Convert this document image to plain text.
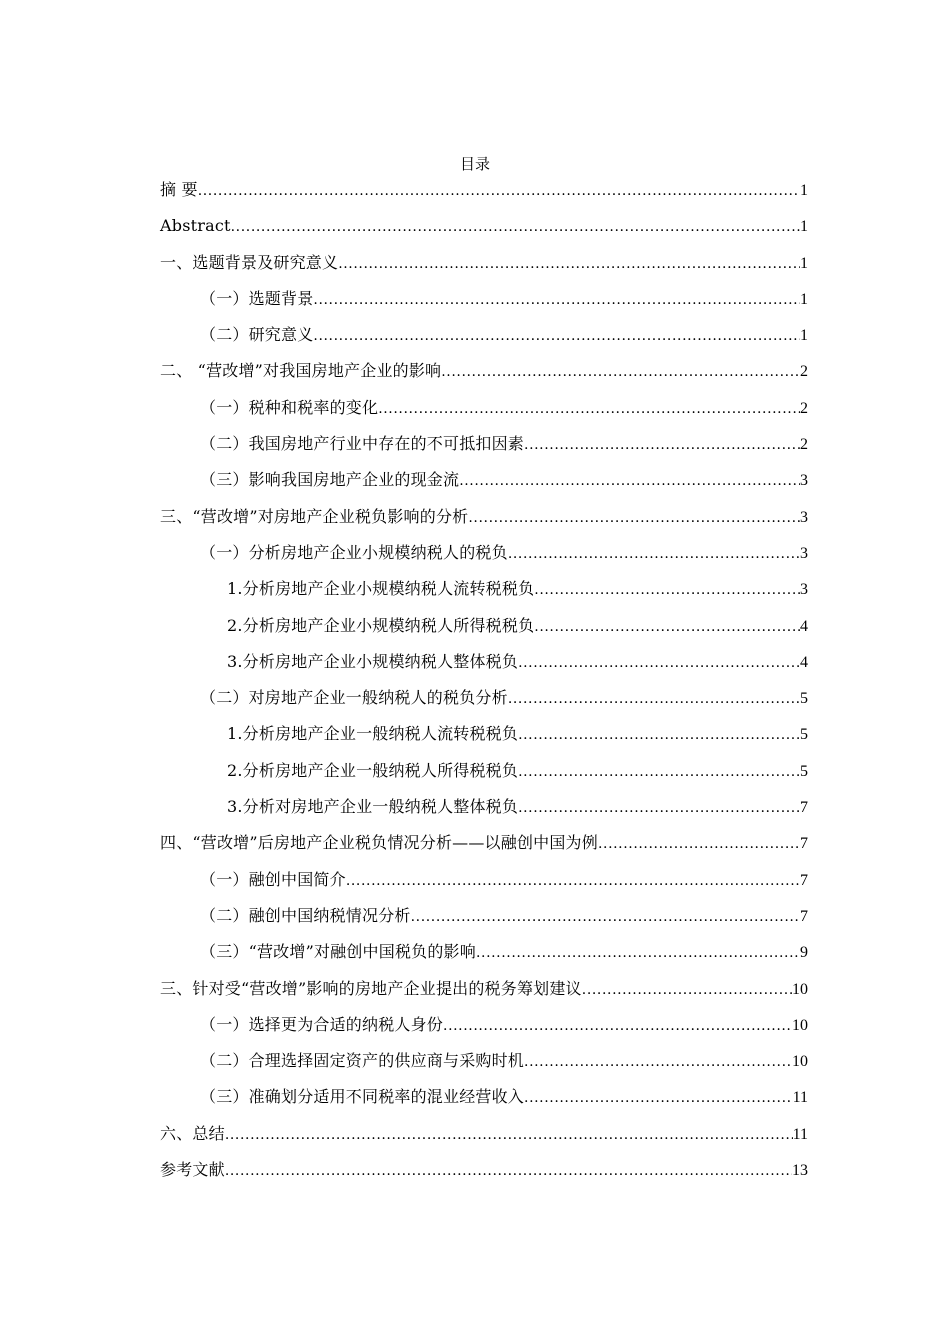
目录
摘 要 .....	1
Abstract .....	1
一、选题背景及研究意义 .....	1
（一）选题背景 .....	1
（二）研究意义 .....	1
二、 “营改增”对我国房地产企业的影响 .....	2
（一）税种和税率的变化 .....	2
（二）我国房地产行业中存在的不可抵扣因素 .....	2
（三）影响我国房地产企业的现金流 .....	3
三、“营改增”对房地产企业税负影响的分析 .....	3
（一）分析房地产企业小规模纳税人的税负 .....	3
1.分析房地产企业小规模纳税人流转税税负 .....	3
2.分析房地产企业小规模纳税人所得税税负 .....	4
3.分析房地产企业小规模纳税人整体税负 .....	4
（二）对房地产企业一般纳税人的税负分析 .....	5
1.分析房地产企业一般纳税人流转税税负 .....	5
2.分析房地产企业一般纳税人所得税税负 .....	5
3.分析对房地产企业一般纳税人整体税负 .....	7
四、“营改增”后房地产企业税负情况分析——以融创中国为例 .....	7
（一）融创中国简介 .....	7
（二）融创中国纳税情况分析 .....	7
（三）“营改增”对融创中国税负的影响 .....	9
三、针对受“营改增”影响的房地产企业提出的税务筹划建议 .....	10
（一）选择更为合适的纳税人身份 .....	10
（二）合理选择固定资产的供应商与采购时机 .....	10
（三）准确划分适用不同税率的混业经营收入 .....	11
六、总结 .....	11
参考文献 .....	13
